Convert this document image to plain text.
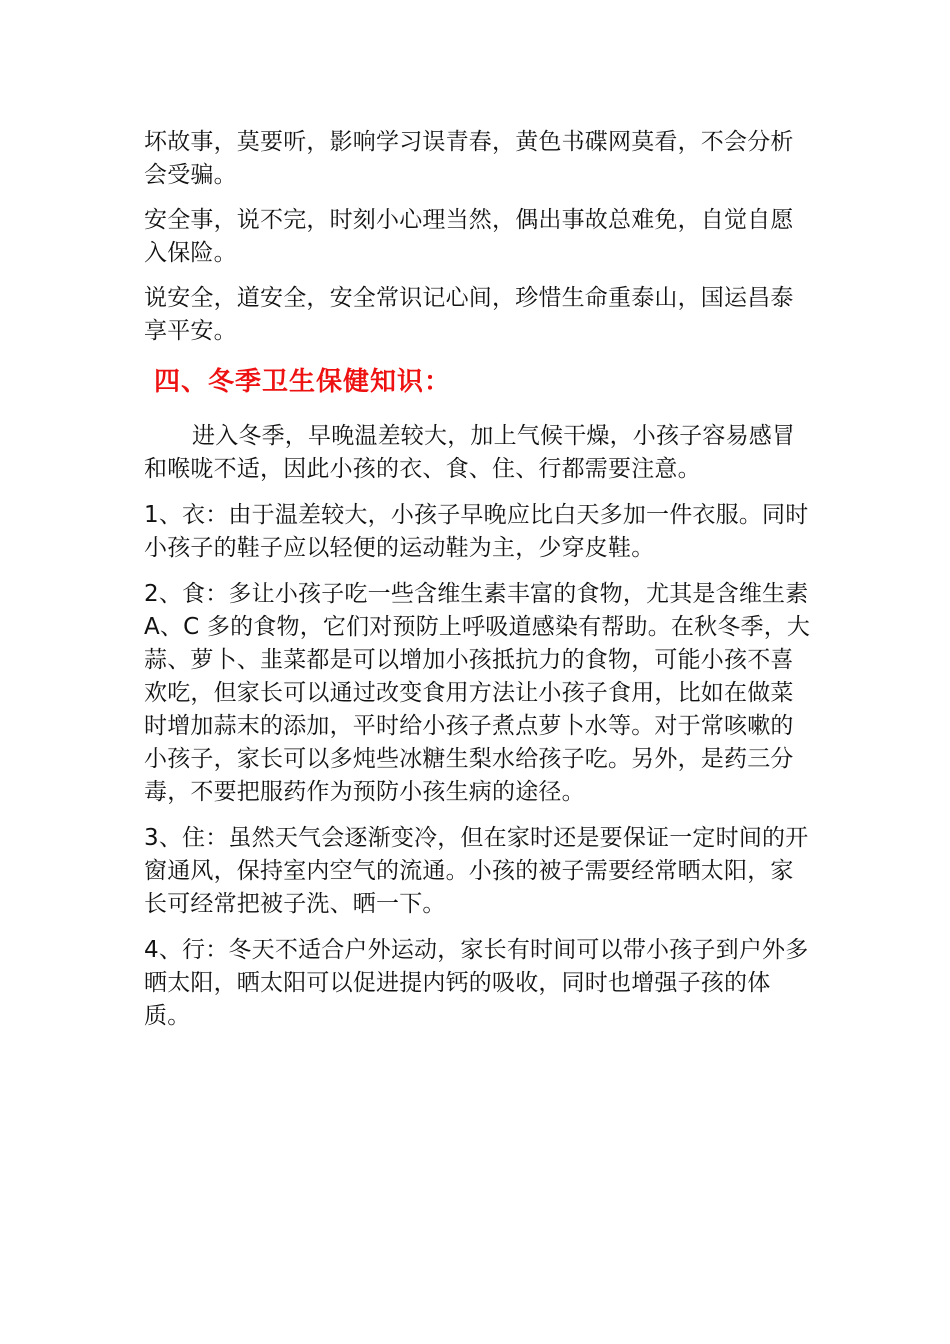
坏故事，莫要听，影响学习误青春，黄色书碟网莫看，不会分析会受骗。

安全事，说不完，时刻小心理当然，偶出事故总难免，自觉自愿入保险。

说安全，道安全，安全常识记心间，珍惜生命重泰山，国运昌泰享平安。

四、冬季卫生保健知识：

进入冬季，早晚温差较大，加上气候干燥，小孩子容易感冒和喉咙不适，因此小孩的衣、食、住、行都需要注意。

1、衣：由于温差较大，小孩子早晚应比白天多加一件衣服。同时小孩子的鞋子应以轻便的运动鞋为主，少穿皮鞋。

2、食：多让小孩子吃一些含维生素丰富的食物，尤其是含维生素 A、C 多的食物，它们对预防上呼吸道感染有帮助。在秋冬季，大蒜、萝卜、韭菜都是可以增加小孩抵抗力的食物，可能小孩不喜欢吃，但家长可以通过改变食用方法让小孩子食用，比如在做菜时增加蒜末的添加，平时给小孩子煮点萝卜水等。对于常咳嗽的小孩子，家长可以多炖些冰糖生梨水给孩子吃。另外，是药三分毒，不要把服药作为预防小孩生病的途径。

3、住：虽然天气会逐渐变冷，但在家时还是要保证一定时间的开窗通风，保持室内空气的流通。小孩的被子需要经常晒太阳，家长可经常把被子洗、晒一下。

4、行：冬天不适合户外运动，家长有时间可以带小孩子到户外多晒太阳，晒太阳可以促进提内钙的吸收，同时也增强子孩的体质。
